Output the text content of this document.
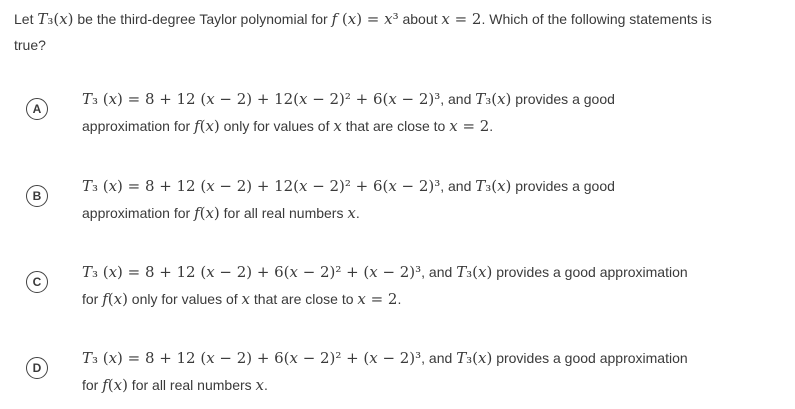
Let T₃(x) be the third-degree Taylor polynomial for f (x) = x³ about x = 2. Which of the following statements is
true?
A
T₃ (x) = 8 + 12 (x − 2) + 12(x − 2)² + 6(x − 2)³, and T₃(x) provides a good
approximation for f(x) only for values of x that are close to x = 2.
B
T₃ (x) = 8 + 12 (x − 2) + 12(x − 2)² + 6(x − 2)³, and T₃(x) provides a good
approximation for f(x) for all real numbers x.
C
T₃ (x) = 8 + 12 (x − 2) + 6(x − 2)² + (x − 2)³, and T₃(x) provides a good approximation
for f(x) only for values of x that are close to x = 2.
D
T₃ (x) = 8 + 12 (x − 2) + 6(x − 2)² + (x − 2)³, and T₃(x) provides a good approximation
for f(x) for all real numbers x.
